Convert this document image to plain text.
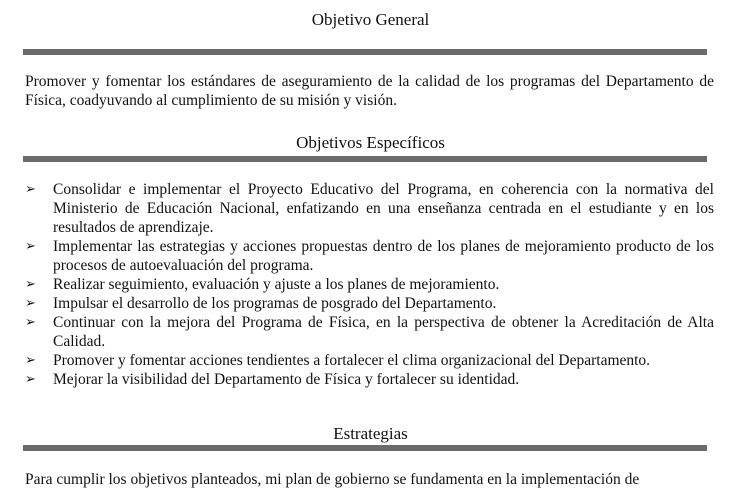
Objetivo General
Promover y fomentar los estándares de aseguramiento de la calidad de los programas del Departamento de Física, coadyuvando al cumplimiento de su misión y visión.
Objetivos Específicos
➢ Consolidar e implementar el Proyecto Educativo del Programa, en coherencia con la normativa del Ministerio de Educación Nacional, enfatizando en una enseñanza centrada en el estudiante y en los resultados de aprendizaje.
➢ Implementar las estrategias y acciones propuestas dentro de los planes de mejoramiento producto de los procesos de autoevaluación del programa.
➢ Realizar seguimiento, evaluación y ajuste a los planes de mejoramiento.
➢ Impulsar el desarrollo de los programas de posgrado del Departamento.
➢ Continuar con la mejora del Programa de Física, en la perspectiva de obtener la Acreditación de Alta Calidad.
➢ Promover y fomentar acciones tendientes a fortalecer el clima organizacional del Departamento.
➢ Mejorar la visibilidad del Departamento de Física y fortalecer su identidad.
Estrategias
Para cumplir los objetivos planteados, mi plan de gobierno se fundamenta en la implementación de
